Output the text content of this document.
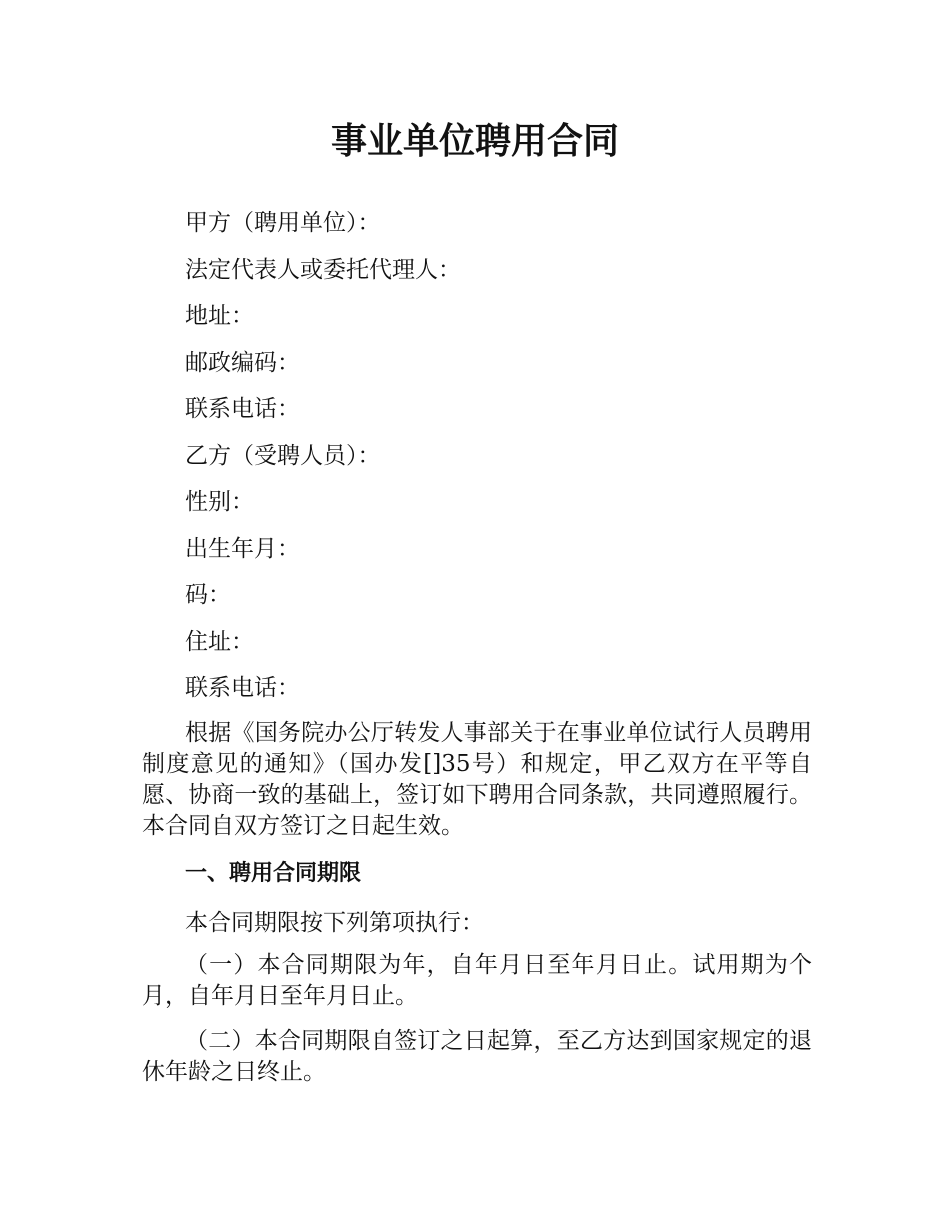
事业单位聘用合同
甲方（聘用单位）：
法定代表人或委托代理人：
地址：
邮政编码：
联系电话：
乙方（受聘人员）：
性别：
出生年月：
码：
住址：
联系电话：

根据《国务院办公厅转发人事部关于在事业单位试行人员聘用制度意见的通知》（国办发[]35号）和规定，甲乙双方在平等自愿、协商一致的基础上，签订如下聘用合同条款，共同遵照履行。本合同自双方签订之日起生效。

一、聘用合同期限
本合同期限按下列第项执行：

（一）本合同期限为年，自年月日至年月日止。试用期为个月，自年月日至年月日止。

（二）本合同期限自签订之日起算，至乙方达到国家规定的退休年龄之日终止。
